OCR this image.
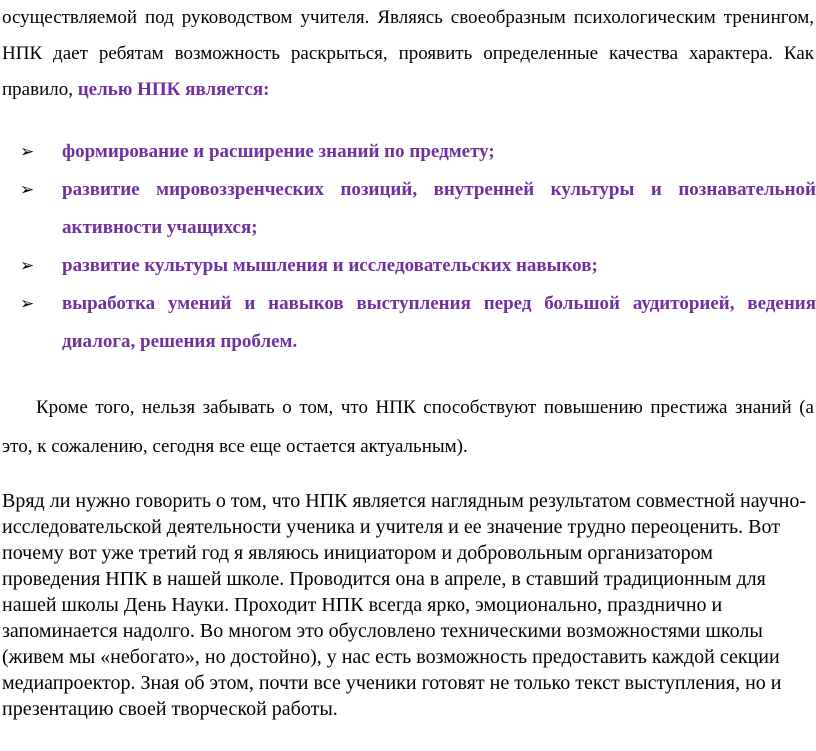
осуществляемой под руководством учителя. Являясь своеобразным психологическим тренингом, НПК дает ребятам возможность раскрыться, проявить определенные качества характера. Как правило, целью НПК является:

➢	формирование и расширение знаний по предмету;
➢	развитие мировоззренческих позиций, внутренней культуры и познавательной активности учащихся;
➢	развитие культуры мышления и исследовательских навыков;
➢	выработка умений и навыков выступления перед большой аудиторией, ведения диалога, решения проблем.

Кроме того, нельзя забывать о том, что НПК способствуют повышению престижа знаний (а это, к сожалению, сегодня все еще остается актуальным).

Вряд ли нужно говорить о том, что НПК является наглядным результатом совместной научно-исследовательской деятельности ученика и учителя и ее значение трудно переоценить. Вот почему вот уже третий год я являюсь инициатором и добровольным организатором проведения НПК в нашей школе. Проводится она в апреле, в ставший традиционным для нашей школы День Науки. Проходит НПК всегда ярко, эмоционально, празднично и запоминается надолго. Во многом это обусловлено техническими возможностями школы (живем мы «небогато», но достойно), у нас есть возможность предоставить каждой секции медиапроектор. Зная об этом, почти все ученики готовят не только текст выступления, но и презентацию своей творческой работы.
